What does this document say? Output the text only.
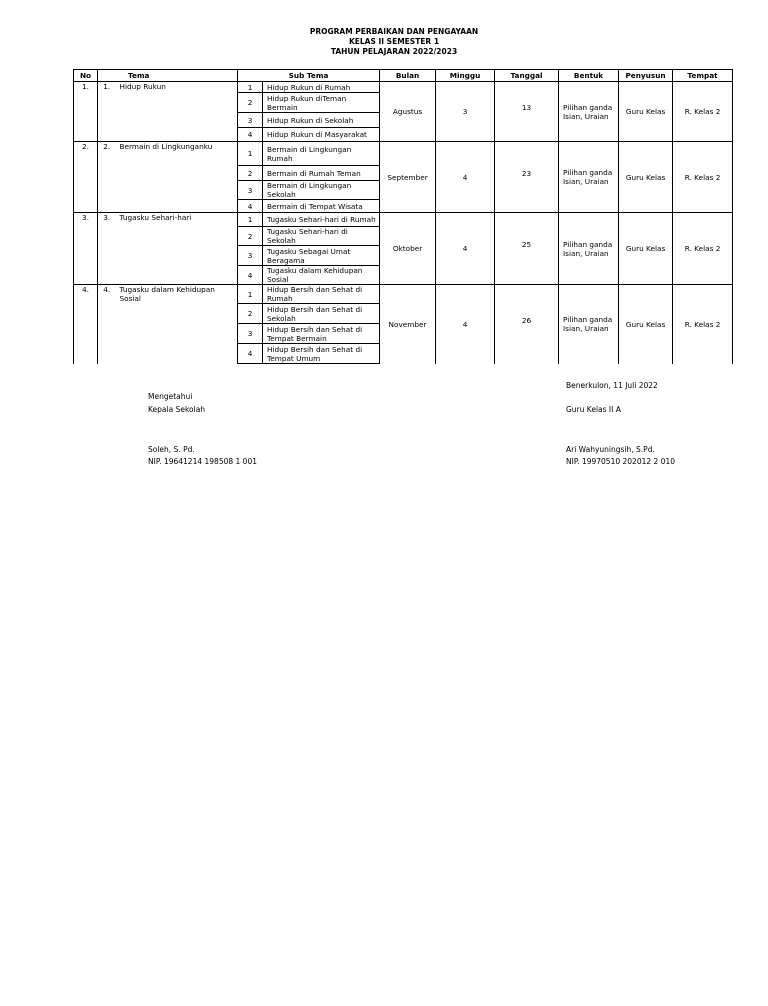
PROGRAM PERBAIKAN DAN PENGAYAAN
KELAS II SEMESTER 1
TAHUN PELAJARAN 2022/2023
No	Tema		Sub Tema		Bulan	Minggu	Tanggal	Bentuk	Penyusun	Tempat
1.	1.	Hidup Rukun	1	Hidup Rukun di Rumah	Agustus	3	13	Pilihan ganda Isian, Uraian	Guru Kelas	R. Kelas 2
			2	Hidup Rukun diTeman Bermain						
			3	Hidup Rukun di Sekolah						
			4	Hidup Rukun di Masyarakat						
2.	2.	Bermain di Lingkunganku	1	Bermain di Lingkungan Rumah	September	4	23	Pilihan ganda Isian, Uraian	Guru Kelas	R. Kelas 2
			2	Bermain di Rumah Teman						
			3	Bermain di Lingkungan Sekolah						
			4	Bermain di Tempat Wisata						
3.	3.	Tugasku Sehari-hari	1	Tugasku Sehari-hari di Rumah	Oktober	4	25	Pilihan ganda Isian, Uraian	Guru Kelas	R. Kelas 2
			2	Tugasku Sehari-hari di Sekolah						
			3	Tugasku Sebagai Umat Beragama						
			4	Tugasku dalam Kehidupan Sosial						
4.	4.	Tugasku dalam Kehidupan Sosial	1	Hidup Bersih dan Sehat di Rumah	November	4	26	Pilihan ganda Isian, Uraian	Guru Kelas	R. Kelas 2
			2	Hidup Bersih dan Sehat di Sekolah						
			3	Hidup Bersih dan Sehat di Tempat Bermain						
			4	Hidup Bersih dan Sehat di Tempat Umum						
Benerkulon, 11 Juli 2022
Mengetahui
Kepala Sekolah	Guru Kelas II A
Soleh, S. Pd.	Ari Wahyuningsih, S.Pd.
NIP. 19641214 198508 1 001	NIP. 19970510 202012 2 010
